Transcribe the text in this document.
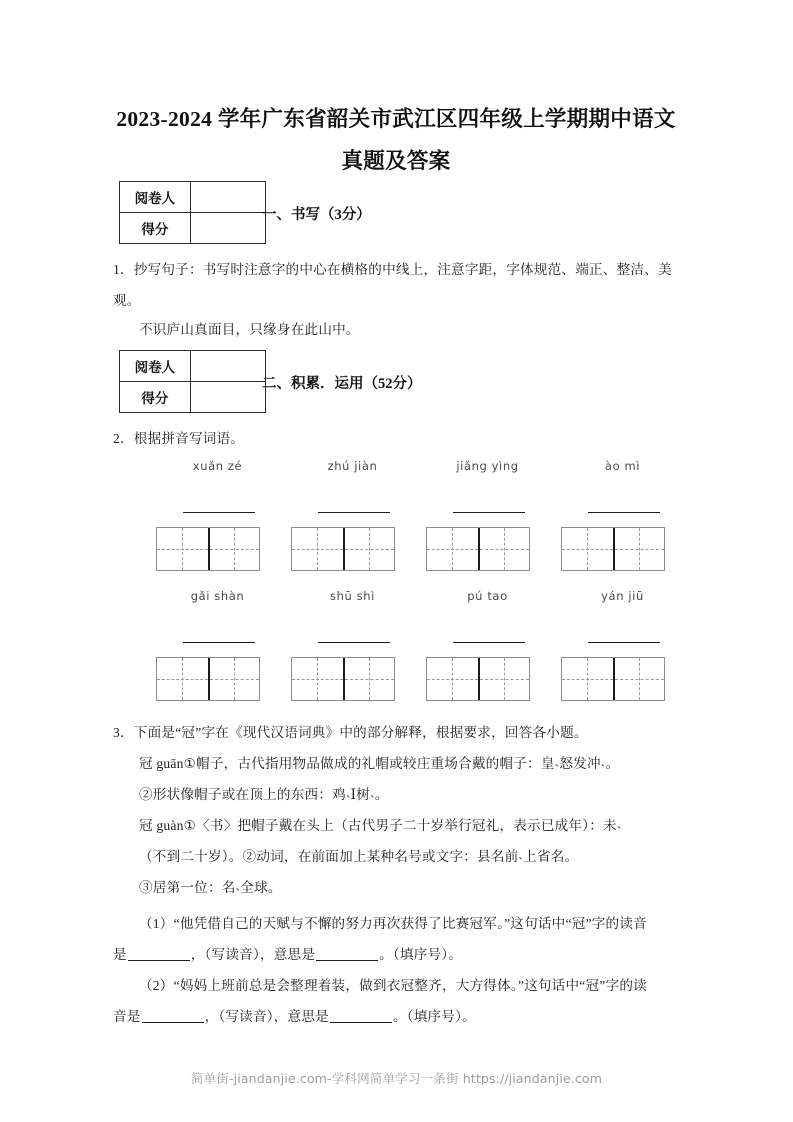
2023-2024 学年广东省韶关市武江区四年级上学期期中语文
真题及答案
阅卷人	
得分	
一、书写（3分）
1．抄写句子：书写时注意字的中心在横格的中线上，注意字距，字体规范、端正、整洁、美观。
不识庐山真面目，只缘身在此山中。
阅卷人	
得分	
二、积累．运用（52分）
2．根据拼音写词语。
xuǎn zé	zhú jiàn	jiǎng yìng	ào mì
gǎi shàn	shū shì	pú tao	yán jiū
3．下面是“冠”字在《现代汉语词典》中的部分解释，根据要求，回答各小题。
冠 guān①帽子，古代指用物品做成的礼帽或较庄重场合戴的帽子：皇˴怒发冲˴。
②形状像帽子或在顶上的东西：鸡˴Ⅰ树˴。
冠 guàn①〈书〉把帽子戴在头上（古代男子二十岁举行冠礼，表示已成年）：未˴
（不到二十岁）。②动词，在前面加上某种名号或文字：县名前˴上省名。
③居第一位：名˴全球。
（1）“他凭借自己的天赋与不懈的努力再次获得了比赛冠军。”这句话中“冠”字的读音
是	，（写读音），意思是	。（填序号）。
（2）“妈妈上班前总是会整理着装，做到衣冠整齐，大方得体。”这句话中“冠”字的读
音是	，（写读音），意思是	。（填序号）。
简单街-jiandanjie.com-学科网简单学习一条街 https://jiandanjie.com
